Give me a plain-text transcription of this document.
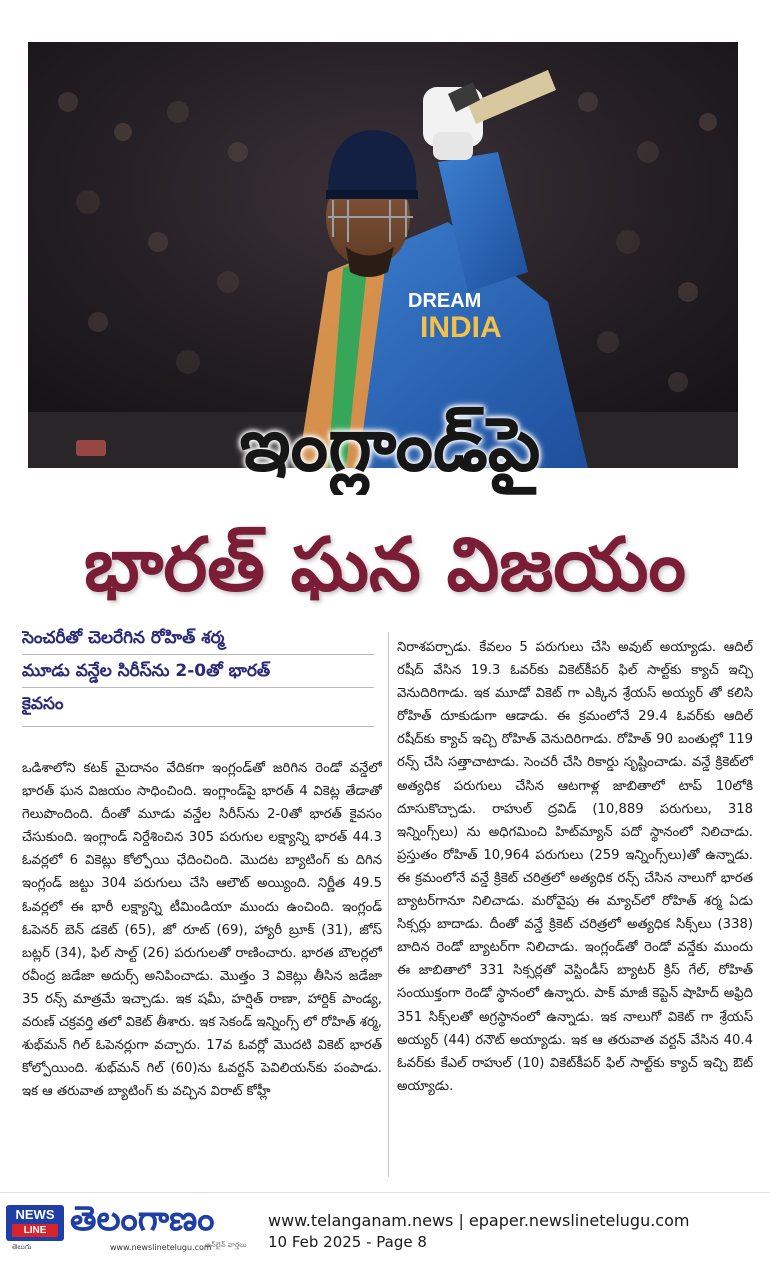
DREAM
INDIA
ఇంగ్లాండ్‌పై
భారత్ ఘన విజయం
సెంచరీతో చెలరేగిన రోహిత్ శర్మ
మూడు వన్డేల సిరీస్‌ను 2-0తో భారత్
కైవసం

ఒడిశాలోని కటక్ మైదానం వేదికగా ఇంగ్లండ్‌తో జరిగిన రెండో వన్డేలో భారత్ ఘన విజయం సాధించింది. ఇంగ్లాండ్‌పై భారత్ 4 వికెట్ల తేడాతో గెలుపొందింది. దీంతో మూడు వన్డేల సిరీస్‌ను 2-0తో భారత్ కైవసం చేసుకుంది. ఇంగ్లాండ్ నిర్దేశించిన 305 పరుగుల లక్ష్యాన్ని భారత్ 44.3 ఓవర్లలో 6 వికెట్లు కోల్పోయి ఛేదించింది. మొదట బ్యాటింగ్ కు దిగిన ఇంగ్లండ్ జట్టు 304 పరుగులు చేసి ఆలౌట్ అయ్యింది. నిర్ణీత 49.5 ఓవర్లలో ఈ భారీ లక్ష్యాన్ని టీమిండియా ముందు ఉంచింది. ఇంగ్లండ్ ఓపెనర్ బెన్ డకెట్ (65), జో రూట్ (69), హ్యారీ బ్రూక్ (31), జోస్ బట్లర్ (34), ఫిల్ సాల్ట్ (26) పరుగులతో రాణించారు. భారత బౌలర్లలో రవీంద్ర జడేజా అదుర్స్ అనిపించాడు. మొత్తం 3 వికెట్లు తీసిన జడేజా 35 రన్స్ మాత్రమే ఇచ్చాడు. ఇక షమీ, హర్షిత్ రాణా, హార్దిక్ పాండ్య, వరుణ్ చక్రవర్తి తలో వికెట్ తీశారు. ఇక సెకండ్ ఇన్నింగ్స్ లో రోహిత్ శర్మ, శుభ్‌మన్ గిల్ ఓపెనర్లుగా వచ్చారు. 17వ ఓవర్లో మొదటి వికెట్ భారత్ కోల్పోయింది. శుభ్‌మన్ గిల్ (60)ను ఓవర్టన్ పెవిలియన్‌కు పంపాడు. ఇక ఆ తరువాత బ్యాటింగ్ కు వచ్చిన విరాట్ కోహ్లీ

నిరాశపర్చాడు. కేవలం 5 పరుగులు చేసి అవుట్ అయ్యాడు. ఆదిల్ రషీద్ వేసిన 19.3 ఓవర్‌కు వికెట్‌కీపర్ ఫిల్ సాల్ట్‌కు క్యాచ్ ఇచ్చి వెనుదిరిగాడు. ఇక మూడో వికెట్ గా ఎక్కిన శ్రేయస్ అయ్యర్ తో కలిసి రోహిత్ దూకుడుగా ఆడాడు. ఈ క్రమంలోనే 29.4 ఓవర్‌కు ఆదిల్ రషీద్‌కు క్యాచ్ ఇచ్చి రోహిత్ వెనుదిరిగాడు. రోహిత్ 90 బంతుల్లో 119 రన్స్ చేసి సత్తాచాటాడు. సెంచరీ చేసి రికార్డు సృష్టించాడు. వన్డే క్రికెట్‌లో అత్యధిక పరుగులు చేసిన ఆటగాళ్ల జాబితాలో టాప్ 10లోకి దూసుకొచ్చాడు. రాహుల్ ద్రవిడ్ (10,889 పరుగులు, 318 ఇన్నింగ్స్‌లు) ను అధిగమించి హిట్‌మ్యాన్ పదో స్థానంలో నిలిచాడు. ప్రస్తుతం రోహిత్ 10,964 పరుగులు (259 ఇన్నింగ్స్‌లు)తో ఉన్నాడు. ఈ క్రమంలోనే వన్డే క్రికెట్ చరిత్రలో అత్యధిక రన్స్ చేసిన నాలుగో భారత బ్యాటర్‌గానూ నిలిచాడు. మరోవైపు ఈ మ్యాచ్‌లో రోహిత్ శర్మ ఏడు సిక్సర్లు బాదాడు. దీంతో వన్డే క్రికెట్ చరిత్రలో అత్యధిక సిక్స్‌లు (338) బాదిన రెండో బ్యాటర్‌గా నిలిచాడు. ఇంగ్లండ్‌తో రెండో వన్డేకు ముందు ఈ జాబితాలో 331 సిక్సర్లతో వెస్టిండీస్ బ్యాటర్ క్రిస్ గేల్, రోహిత్ సంయుక్తంగా రెండో స్థానంలో ఉన్నారు. పాక్ మాజీ కెప్టెన్ షాహిద్ అఫ్రిది 351 సిక్స్‌లతో అగ్రస్థానంలో ఉన్నాడు. ఇక నాలుగో వికెట్ గా శ్రేయస్ అయ్యర్ (44) రనౌట్ అయ్యాడు. ఇక ఆ తరువాత వర్టన్ వేసిన 40.4 ఓవర్‌కు కేఎల్ రాహుల్ (10) వికెట్‌కీపర్ ఫిల్ సాల్ట్‌కు క్యాచ్ ఇచ్చి ఔట్ అయ్యాడు.

NEWS
LINE
తెలుగు
తెలంగాణం
ఆన్‌లైన్ వార్తలు
www.newslinetelugu.com
www.telanganam.news | epaper.newslinetelugu.com
10 Feb 2025 - Page 8
